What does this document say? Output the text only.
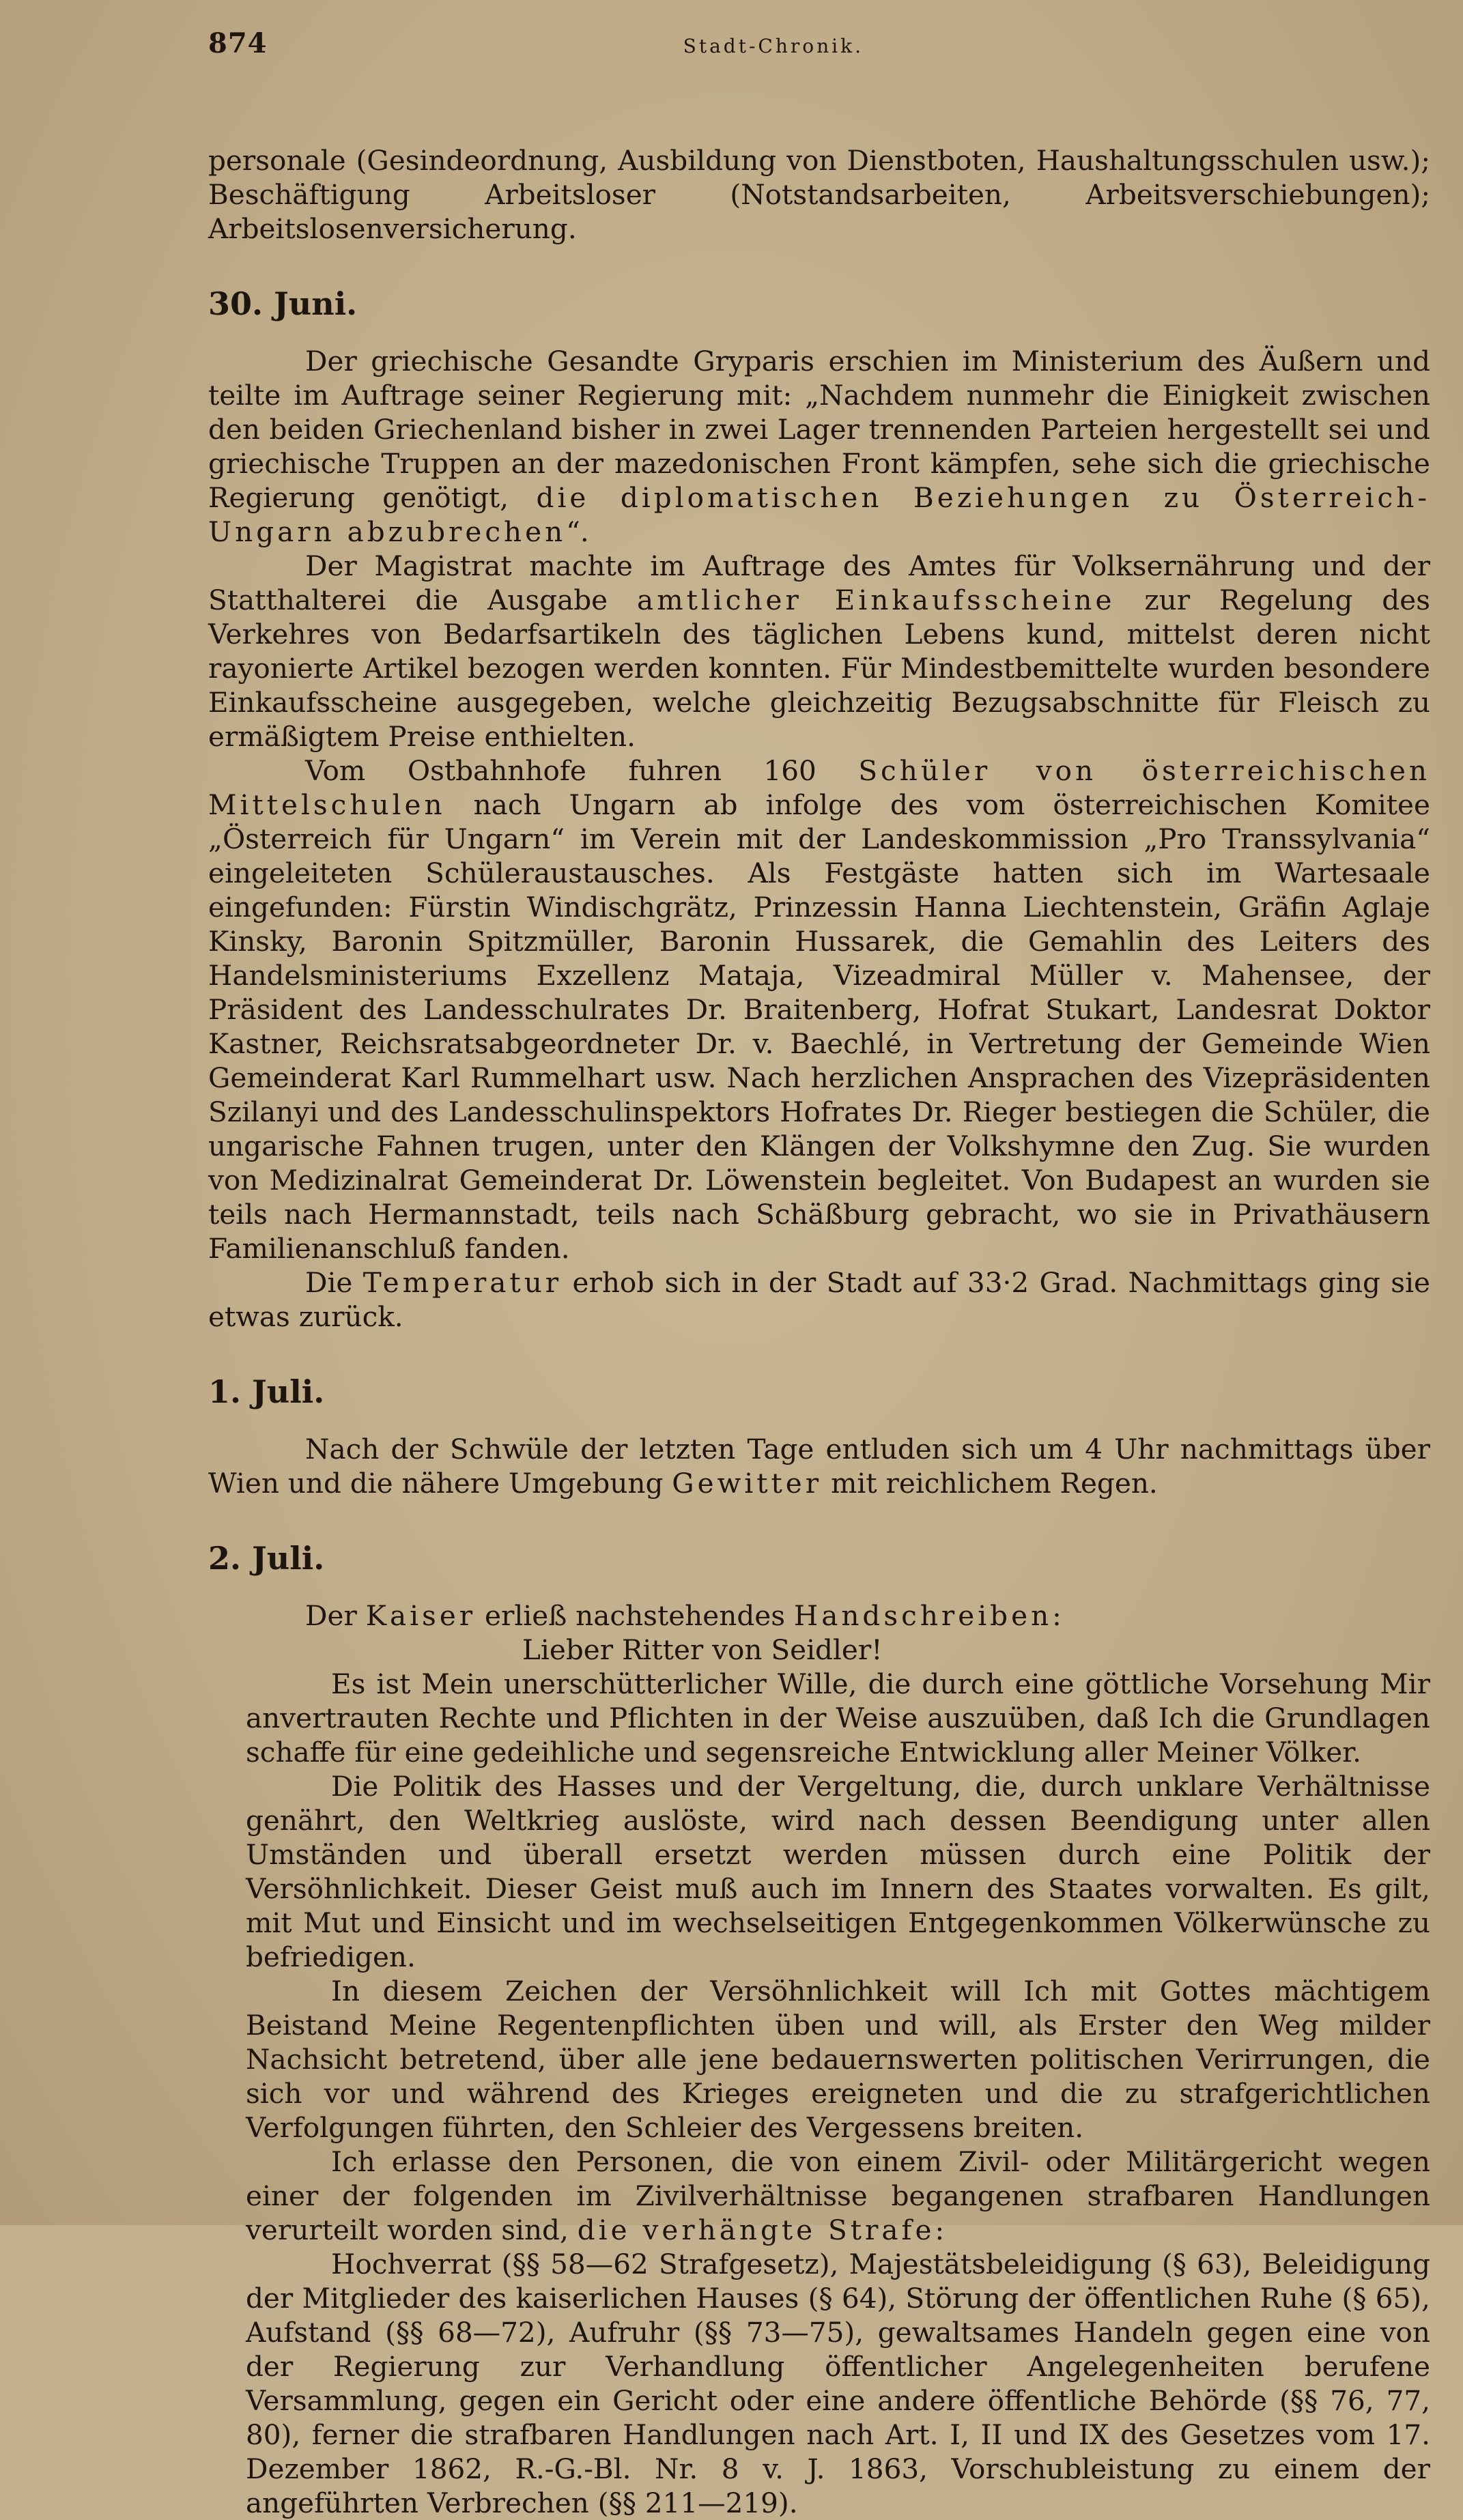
874	Stadt-Chronik.

personale (Gesindeordnung, Ausbildung von Dienstboten, Haushaltungsschulen usw.); Beschäftigung Arbeitsloser (Notstandsarbeiten, Arbeitsverschiebungen); Arbeitslosenversicherung.

30. Juni.

Der griechische Gesandte Gryparis erschien im Ministerium des Äußern und teilte im Auftrage seiner Regierung mit: „Nachdem nunmehr die Einigkeit zwischen den beiden Griechenland bisher in zwei Lager trennenden Parteien hergestellt sei und griechische Truppen an der mazedonischen Front kämpfen, sehe sich die griechische Regierung genötigt, die diplomatischen Beziehungen zu Österreich-Ungarn abzubrechen“.

Der Magistrat machte im Auftrage des Amtes für Volksernährung und der Statthalterei die Ausgabe amtlicher Einkaufsscheine zur Regelung des Verkehres von Bedarfsartikeln des täglichen Lebens kund, mittelst deren nicht rayonierte Artikel bezogen werden konnten. Für Mindestbemittelte wurden besondere Einkaufsscheine ausgegeben, welche gleichzeitig Bezugsabschnitte für Fleisch zu ermäßigtem Preise enthielten.

Vom Ostbahnhofe fuhren 160 Schüler von österreichischen Mittelschulen nach Ungarn ab infolge des vom österreichischen Komitee „Österreich für Ungarn“ im Verein mit der Landeskommission „Pro Transsylvania“ eingeleiteten Schüleraustausches. Als Festgäste hatten sich im Wartesaale eingefunden: Fürstin Windischgrätz, Prinzessin Hanna Liechtenstein, Gräfin Aglaje Kinsky, Baronin Spitzmüller, Baronin Hussarek, die Gemahlin des Leiters des Handelsministeriums Exzellenz Mataja, Vizeadmiral Müller v. Mahensee, der Präsident des Landesschulrates Dr. Braitenberg, Hofrat Stukart, Landesrat Doktor Kastner, Reichsratsabgeordneter Dr. v. Baechlé, in Vertretung der Gemeinde Wien Gemeinderat Karl Rummelhart usw. Nach herzlichen Ansprachen des Vizepräsidenten Szilanyi und des Landesschulinspektors Hofrates Dr. Rieger bestiegen die Schüler, die ungarische Fahnen trugen, unter den Klängen der Volkshymne den Zug. Sie wurden von Medizinalrat Gemeinderat Dr. Löwenstein begleitet. Von Budapest an wurden sie teils nach Hermannstadt, teils nach Schäßburg gebracht, wo sie in Privathäusern Familienanschluß fanden.

Die Temperatur erhob sich in der Stadt auf 33·2 Grad. Nachmittags ging sie etwas zurück.

1. Juli.

Nach der Schwüle der letzten Tage entluden sich um 4 Uhr nachmittags über Wien und die nähere Umgebung Gewitter mit reichlichem Regen.

2. Juli.

Der Kaiser erließ nachstehendes Handschreiben:

Lieber Ritter von Seidler!

Es ist Mein unerschütterlicher Wille, die durch eine göttliche Vorsehung Mir anvertrauten Rechte und Pflichten in der Weise auszuüben, daß Ich die Grundlagen schaffe für eine gedeihliche und segensreiche Entwicklung aller Meiner Völker.

Die Politik des Hasses und der Vergeltung, die, durch unklare Verhältnisse genährt, den Weltkrieg auslöste, wird nach dessen Beendigung unter allen Umständen und überall ersetzt werden müssen durch eine Politik der Versöhnlichkeit. Dieser Geist muß auch im Innern des Staates vorwalten. Es gilt, mit Mut und Einsicht und im wechselseitigen Entgegenkommen Völkerwünsche zu befriedigen.

In diesem Zeichen der Versöhnlichkeit will Ich mit Gottes mächtigem Beistand Meine Regentenpflichten üben und will, als Erster den Weg milder Nachsicht betretend, über alle jene bedauernswerten politischen Verirrungen, die sich vor und während des Krieges ereigneten und die zu strafgerichtlichen Verfolgungen führten, den Schleier des Vergessens breiten.

Ich erlasse den Personen, die von einem Zivil- oder Militärgericht wegen einer der folgenden im Zivilverhältnisse begangenen strafbaren Handlungen verurteilt worden sind, die verhängte Strafe:

Hochverrat (§§ 58—62 Strafgesetz), Majestätsbeleidigung (§ 63), Beleidigung der Mitglieder des kaiserlichen Hauses (§ 64), Störung der öffentlichen Ruhe (§ 65), Aufstand (§§ 68—72), Aufruhr (§§ 73—75), gewaltsames Handeln gegen eine von der Regierung zur Verhandlung öffentlicher Angelegenheiten berufene Versammlung, gegen ein Gericht oder eine andere öffentliche Behörde (§§ 76, 77, 80), ferner die strafbaren Handlungen nach Art. I, II und IX des Gesetzes vom 17. Dezember 1862, R.-G.-Bl. Nr. 8 v. J. 1863, Vorschubleistung zu einem der angeführten Verbrechen (§§ 211—219).
